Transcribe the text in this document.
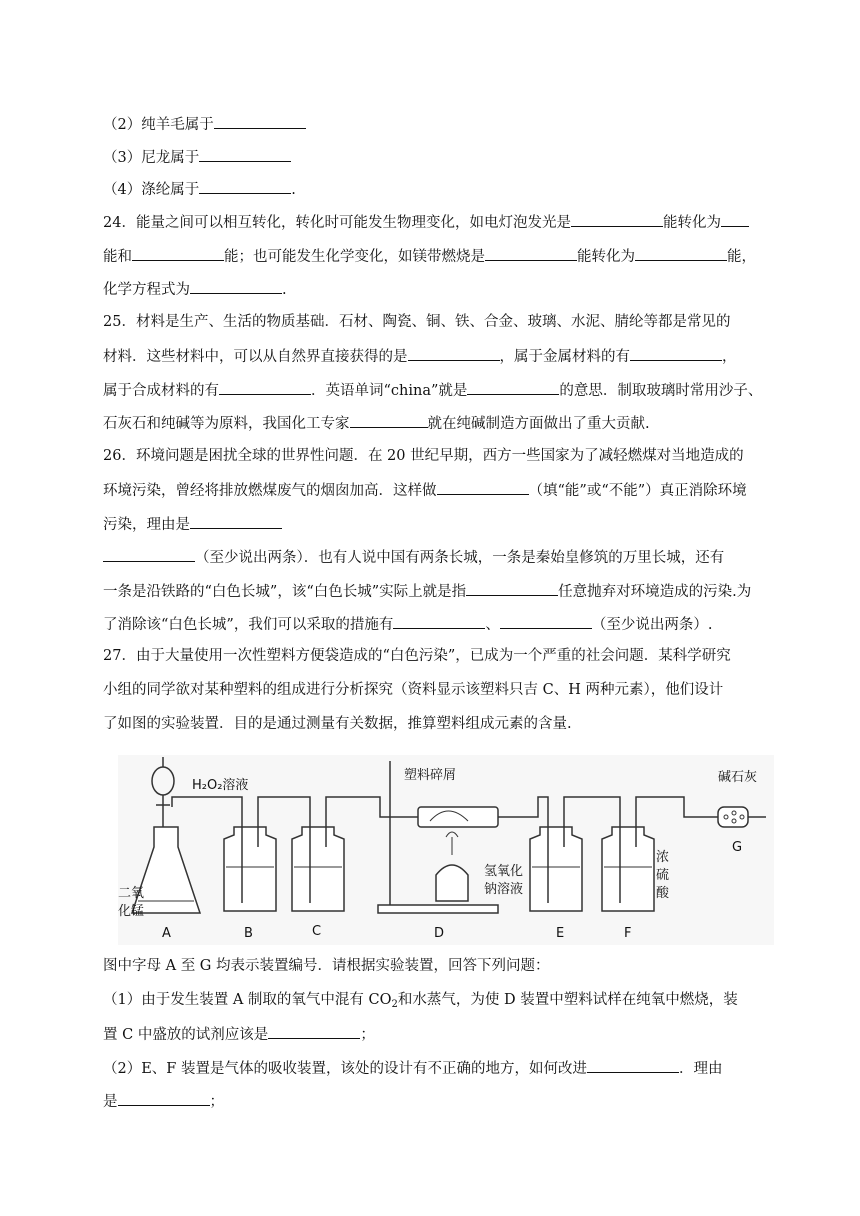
（2）纯羊毛属于
（3）尼龙属于
（4）涤纶属于	.
24．能量之间可以相互转化，转化时可能发生物理变化，如电灯泡发光是	能转化为
能和	能；也可能发生化学变化，如镁带燃烧是	能转化为	能，
化学方程式为	.
25．材料是生产、生活的物质基础．石材、陶瓷、铜、铁、合金、玻璃、水泥、腈纶等都是常见的
材料．这些材料中，可以从自然界直接获得的是	，属于金属材料的有	，
属于合成材料的有	．英语单词“china”就是	的意思．制取玻璃时常用沙子、
石灰石和纯碱等为原料，我国化工专家	就在纯碱制造方面做出了重大贡献.
26．环境问题是困扰全球的世界性问题．在 20 世纪早期，西方一些国家为了减轻燃煤对当地造成的
环境污染，曾经将排放燃煤废气的烟囱加高．这样做	（填“能”或“不能”）真正消除环境
污染，理由是
（至少说出两条）．也有人说中国有两条长城，一条是秦始皇修筑的万里长城，还有
一条是沿铁路的“白色长城”，该“白色长城”实际上就是指	任意抛弃对环境造成的污染.为
了消除该“白色长城”，我们可以采取的措施有	、	（至少说出两条）.
27．由于大量使用一次性塑料方便袋造成的“白色污染”，已成为一个严重的社会问题．某科学研究
小组的同学欲对某种塑料的组成进行分析探究（资料显示该塑料只吉 C、H 两种元素），他们设计
了如图的实验装置．目的是通过测量有关数据，推算塑料组成元素的含量.
H₂O₂溶液
塑料碎屑	碱石灰
二氧
化锰
氢氧化
钠溶液
浓
硫
酸
A	B	C	D	E	F
G
图中字母 A 至 G 均表示装置编号．请根据实验装置，回答下列问题：
（1）由于发生装置 A 制取的氧气中混有 $CO_2$和水蒸气，为使 D 装置中塑料试样在纯氧中燃烧，装
置 C 中盛放的试剂应该是	；
（2）E、F 装置是气体的吸收装置，该处的设计有不正确的地方，如何改进	．理由
是	；
